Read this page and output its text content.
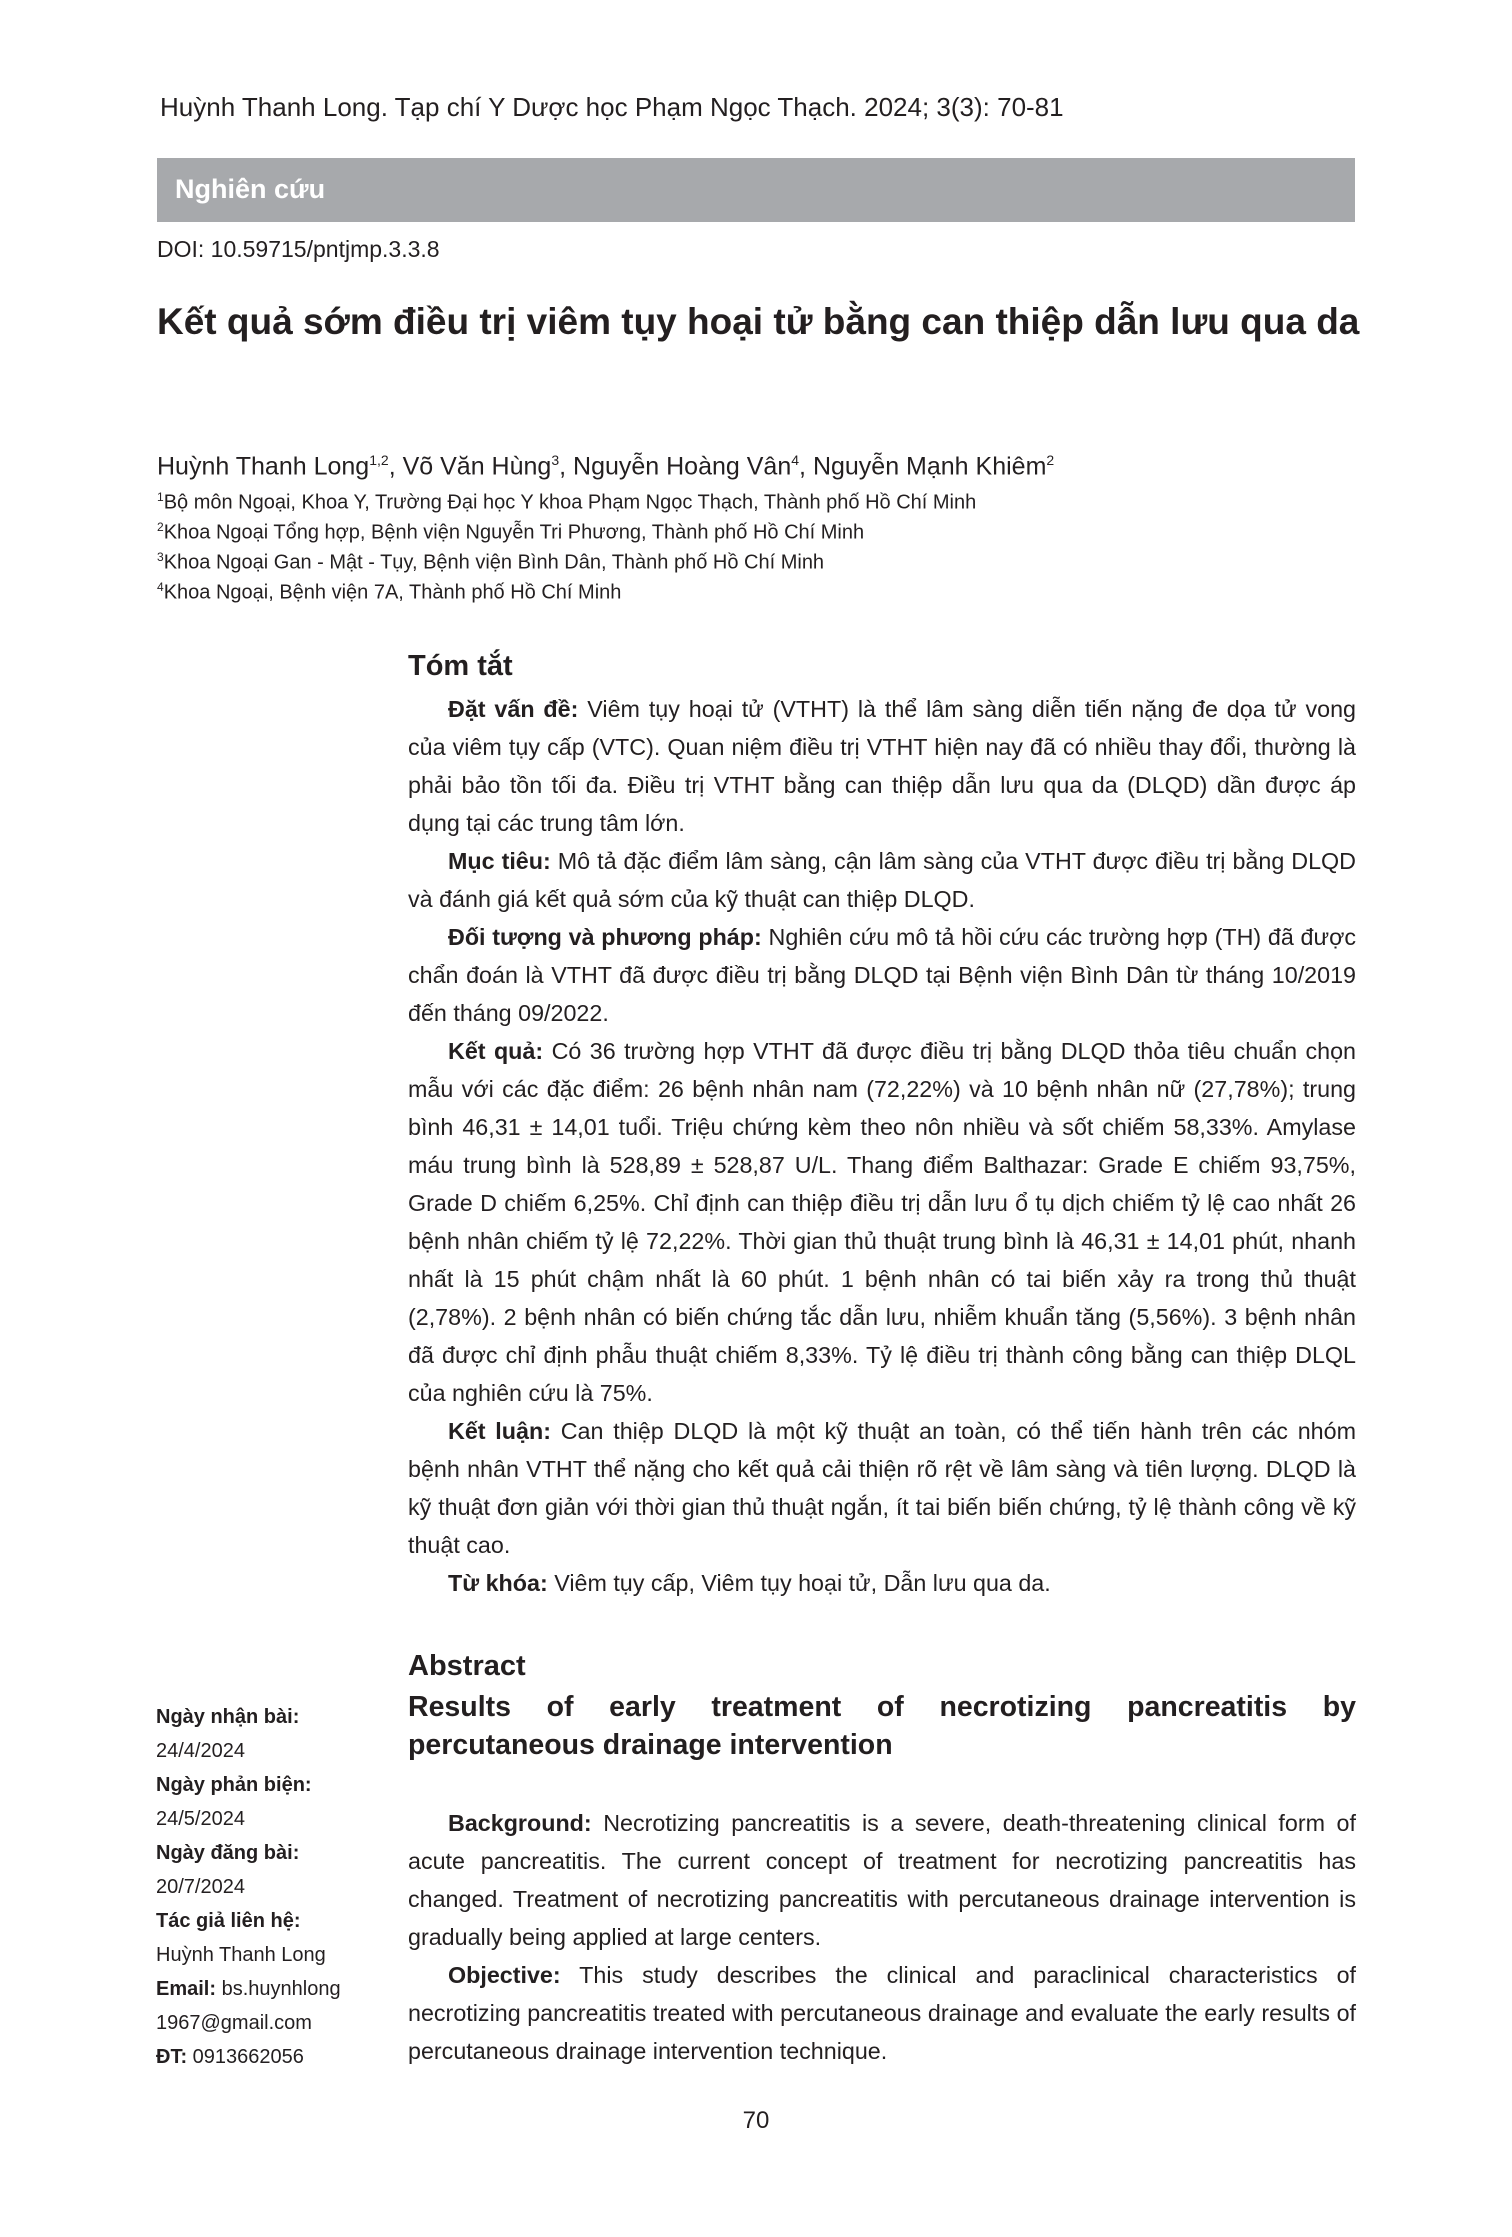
Huỳnh Thanh Long. Tạp chí Y Dược học Phạm Ngọc Thạch. 2024; 3(3): 70-81
Nghiên cứu
DOI: 10.59715/pntjmp.3.3.8
Kết quả sớm điều trị viêm tụy hoại tử bằng can thiệp dẫn lưu qua da
Huỳnh Thanh Long$^{1,2}$, Võ Văn Hùng$^3$, Nguyễn Hoàng Vân$^4$, Nguyễn Mạnh Khiêm$^2$
$^1$Bộ môn Ngoại, Khoa Y, Trường Đại học Y khoa Phạm Ngọc Thạch, Thành phố Hồ Chí Minh
$^2$Khoa Ngoại Tổng hợp, Bệnh viện Nguyễn Tri Phương, Thành phố Hồ Chí Minh
$^3$Khoa Ngoại Gan - Mật - Tụy, Bệnh viện Bình Dân, Thành phố Hồ Chí Minh
$^4$Khoa Ngoại, Bệnh viện 7A, Thành phố Hồ Chí Minh
Tóm tắt

Đặt vấn đề: Viêm tụy hoại tử (VTHT) là thể lâm sàng diễn tiến nặng đe dọa tử vong của viêm tụy cấp (VTC). Quan niệm điều trị VTHT hiện nay đã có nhiều thay đổi, thường là phải bảo tồn tối đa. Điều trị VTHT bằng can thiệp dẫn lưu qua da (DLQD) dần được áp dụng tại các trung tâm lớn.

Mục tiêu: Mô tả đặc điểm lâm sàng, cận lâm sàng của VTHT được điều trị bằng DLQD và đánh giá kết quả sớm của kỹ thuật can thiệp DLQD.

Đối tượng và phương pháp: Nghiên cứu mô tả hồi cứu các trường hợp (TH) đã được chẩn đoán là VTHT đã được điều trị bằng DLQD tại Bệnh viện Bình Dân từ tháng 10/2019 đến tháng 09/2022.

Kết quả: Có 36 trường hợp VTHT đã được điều trị bằng DLQD thỏa tiêu chuẩn chọn mẫu với các đặc điểm: 26 bệnh nhân nam (72,22%) và 10 bệnh nhân nữ (27,78%); trung bình 46,31 ± 14,01 tuổi. Triệu chứng kèm theo nôn nhiều và sốt chiếm 58,33%. Amylase máu trung bình là 528,89 ± 528,87 U/L. Thang điểm Balthazar: Grade E chiếm 93,75%, Grade D chiếm 6,25%. Chỉ định can thiệp điều trị dẫn lưu ổ tụ dịch chiếm tỷ lệ cao nhất 26 bệnh nhân chiếm tỷ lệ 72,22%. Thời gian thủ thuật trung bình là 46,31 ± 14,01 phút, nhanh nhất là 15 phút chậm nhất là 60 phút. 1 bệnh nhân có tai biến xảy ra trong thủ thuật (2,78%). 2 bệnh nhân có biến chứng tắc dẫn lưu, nhiễm khuẩn tăng (5,56%). 3 bệnh nhân đã được chỉ định phẫu thuật chiếm 8,33%. Tỷ lệ điều trị thành công bằng can thiệp DLQL của nghiên cứu là 75%.

Kết luận: Can thiệp DLQD là một kỹ thuật an toàn, có thể tiến hành trên các nhóm bệnh nhân VTHT thể nặng cho kết quả cải thiện rõ rệt về lâm sàng và tiên lượng. DLQD là kỹ thuật đơn giản với thời gian thủ thuật ngắn, ít tai biến biến chứng, tỷ lệ thành công về kỹ thuật cao.

Từ khóa: Viêm tụy cấp, Viêm tụy hoại tử, Dẫn lưu qua da.

Abstract
Results of early treatment of necrotizing pancreatitis by percutaneous drainage intervention

Background: Necrotizing pancreatitis is a severe, death-threatening clinical form of acute pancreatitis. The current concept of treatment for necrotizing pancreatitis has changed. Treatment of necrotizing pancreatitis with percutaneous drainage intervention is gradually being applied at large centers.

Objective: This study describes the clinical and paraclinical characteristics of necrotizing pancreatitis treated with percutaneous drainage and evaluate the early results of percutaneous drainage intervention technique.

Ngày nhận bài:
24/4/2024
Ngày phản biện:
24/5/2024
Ngày đăng bài:
20/7/2024
Tác giả liên hệ:
Huỳnh Thanh Long
Email: bs.huynhlong
1967@gmail.com
ĐT: 0913662056
70
